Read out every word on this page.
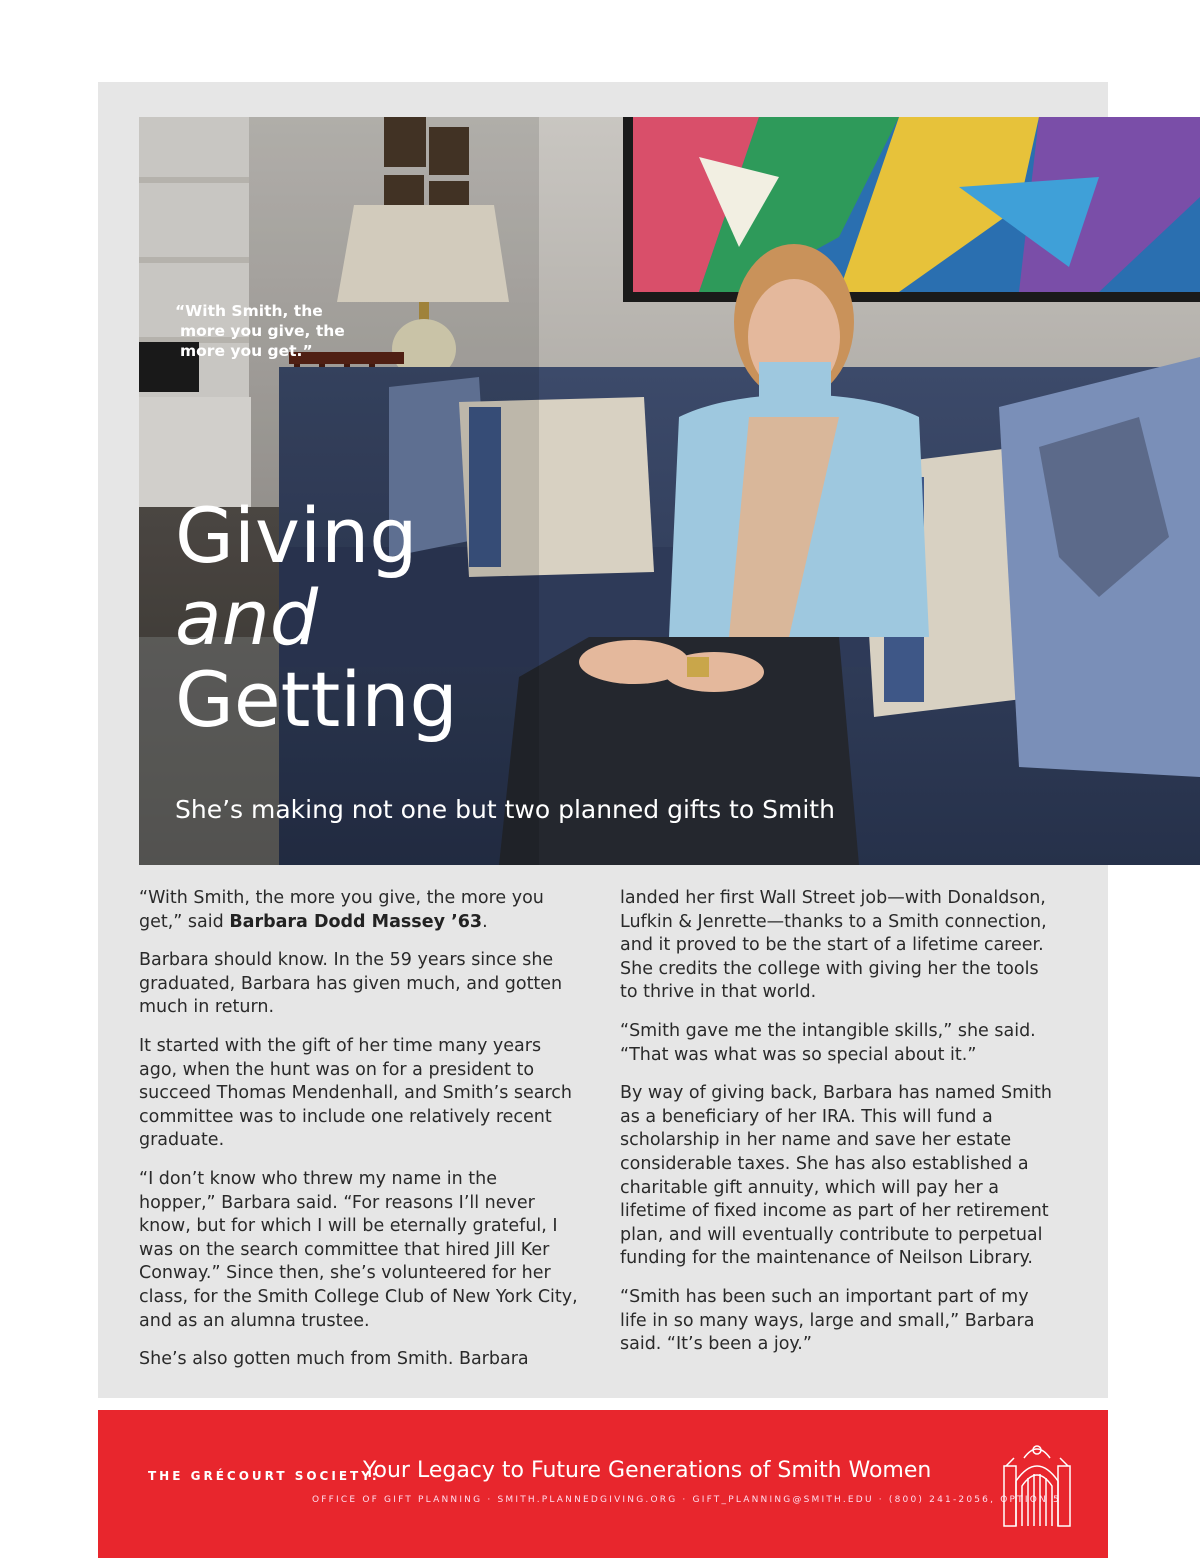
“With Smith, the
more you give, the
more you get.”
Giving
and
Getting
She’s making not one but two planned gifts to Smith

“With Smith, the more you give, the more you get,” said Barbara Dodd Massey ’63.

Barbara should know. In the 59 years since she graduated, Barbara has given much, and gotten much in return.

It started with the gift of her time many years ago, when the hunt was on for a president to succeed Thomas Mendenhall, and Smith’s search committee was to include one relatively recent graduate.

“I don’t know who threw my name in the hopper,” Barbara said. “For reasons I’ll never know, but for which I will be eternally grateful, I was on the search committee that hired Jill Ker Conway.” Since then, she’s volunteered for her class, for the Smith College Club of New York City, and as an alumna trustee.

She’s also gotten much from Smith. Barbara

landed her first Wall Street job—with Donaldson, Lufkin & Jenrette—thanks to a Smith connection, and it proved to be the start of a lifetime career. She credits the college with giving her the tools to thrive in that world.

“Smith gave me the intangible skills,” she said. “That was what was so special about it.”

By way of giving back, Barbara has named Smith as a beneficiary of her IRA. This will fund a scholarship in her name and save her estate considerable taxes. She has also established a charitable gift annuity, which will pay her a lifetime of fixed income as part of her retirement plan, and will eventually contribute to perpetual funding for the maintenance of Neilson Library.

“Smith has been such an important part of my life in so many ways, large and small,” Barbara said. “It’s been a joy.”

THE GRÉCOURT SOCIETY:
Your Legacy to Future Generations of Smith Women
OFFICE OF GIFT PLANNING · SMITH.PLANNEDGIVING.ORG · GIFT_PLANNING@SMITH.EDU · (800) 241-2056, OPTION 5
